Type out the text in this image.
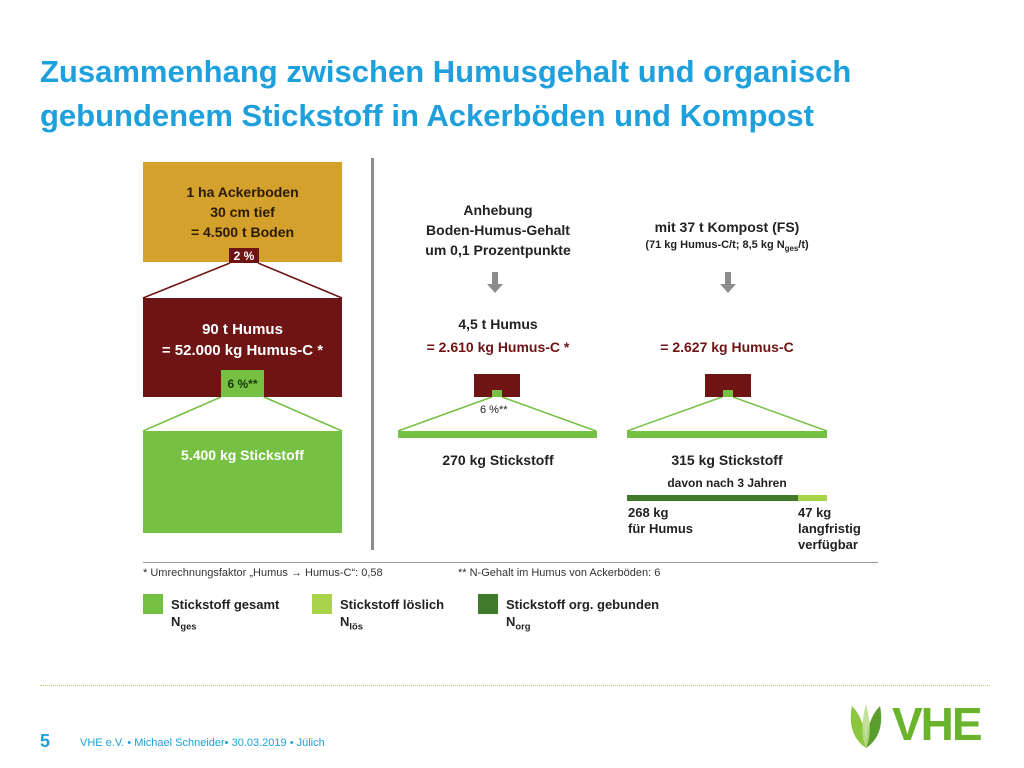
Zusammenhang zwischen Humusgehalt und organisch
gebundenem Stickstoff in Ackerböden und Kompost
1 ha Ackerboden
30 cm tief
= 4.500 t Boden
2 %
90 t Humus
= 52.000 kg Humus-C *
6 %**
5.400 kg Stickstoff
Anhebung
Boden-Humus-Gehalt
um 0,1 Prozentpunkte
4,5 t Humus
= 2.610 kg Humus-C *
6 %**
270 kg Stickstoff
mit 37 t Kompost (FS)
(71 kg Humus-C/t; 8,5 kg $N_{ges}/t$)
= 2.627 kg Humus-C
315 kg Stickstoff
davon nach 3 Jahren
268 kg
für Humus
47 kg
langfristig
verfügbar
* Umrechnungsfaktor „Humus → Humus-C“: 0,58	** N-Gehalt im Humus von Ackerböden: 6
Stickstoff gesamt
$N_{ges}$
Stickstoff löslich
$N_{lös}$
Stickstoff org. gebunden
$N_{org}$
5	VHE e.V. • Michael Schneider• 30.03.2019 • Jülich	VHE
